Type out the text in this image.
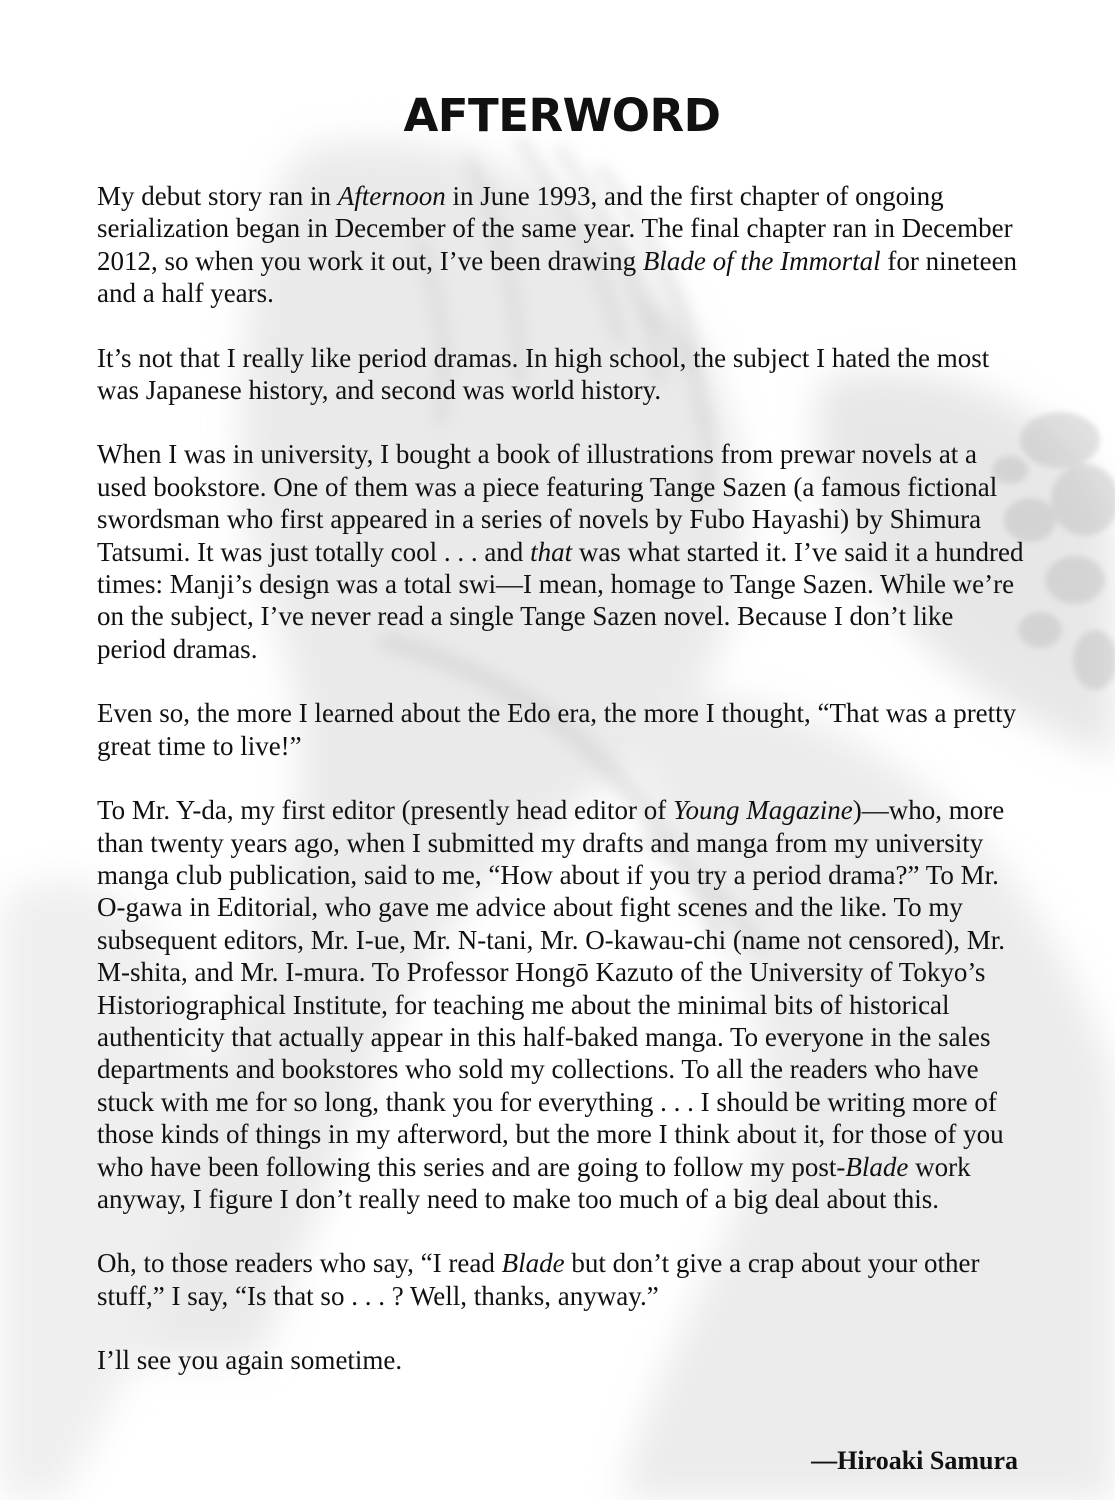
AFTERWORD

My debut story ran in Afternoon in June 1993, and the first chapter of ongoing serialization began in December of the same year. The final chapter ran in December 2012, so when you work it out, I’ve been drawing Blade of the Immortal for nineteen and a half years.

It’s not that I really like period dramas. In high school, the subject I hated the most was Japanese history, and second was world history.

When I was in university, I bought a book of illustrations from prewar novels at a used bookstore. One of them was a piece featuring Tange Sazen (a famous fictional swordsman who first appeared in a series of novels by Fubo Hayashi) by Shimura Tatsumi. It was just totally cool . . . and that was what started it. I’ve said it a hundred times: Manji’s design was a total swi—I mean, homage to Tange Sazen. While we’re on the subject, I’ve never read a single Tange Sazen novel. Because I don’t like period dramas.

Even so, the more I learned about the Edo era, the more I thought, “That was a pretty great time to live!”

To Mr. Y-da, my first editor (presently head editor of Young Magazine)—who, more than twenty years ago, when I submitted my drafts and manga from my university manga club publication, said to me, “How about if you try a period drama?” To Mr. O-gawa in Editorial, who gave me advice about fight scenes and the like. To my subsequent editors, Mr. I-ue, Mr. N-tani, Mr. O-kawau-chi (name not censored), Mr. M-shita, and Mr. I-mura. To Professor Hongō Kazuto of the University of Tokyo’s Historiographical Institute, for teaching me about the minimal bits of historical authenticity that actually appear in this half-baked manga. To everyone in the sales departments and bookstores who sold my collections. To all the readers who have stuck with me for so long, thank you for everything . . . I should be writing more of those kinds of things in my afterword, but the more I think about it, for those of you who have been following this series and are going to follow my post-Blade work anyway, I figure I don’t really need to make too much of a big deal about this.

Oh, to those readers who say, “I read Blade but don’t give a crap about your other stuff,” I say, “Is that so . . . ? Well, thanks, anyway.”

I’ll see you again sometime.

—Hiroaki Samura
